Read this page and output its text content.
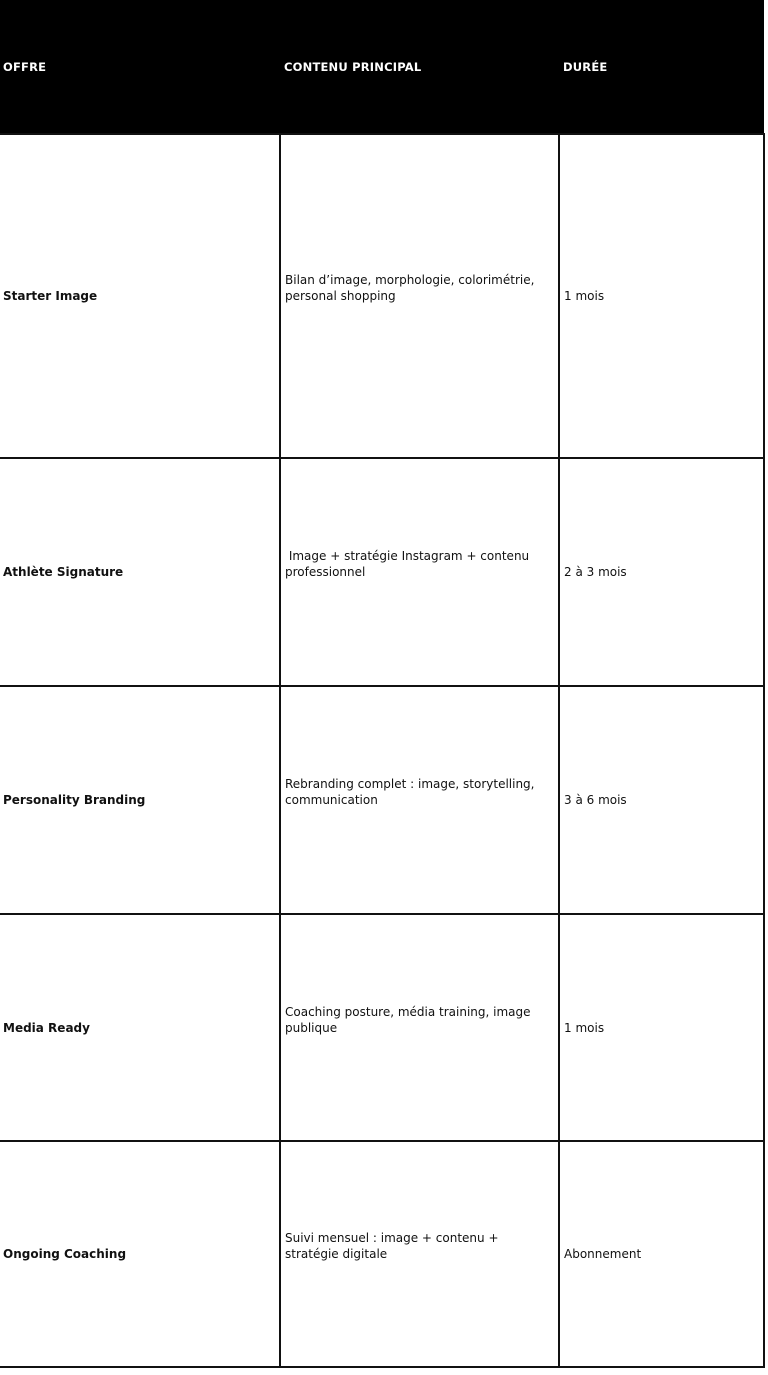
OFFRE	CONTENU PRINCIPAL	DURÉE
Starter Image	Bilan d’image, morphologie, colorimétrie, personal shopping	1 mois
Athlète Signature	Image + stratégie Instagram + contenu professionnel	2 à 3 mois
Personality Branding	Rebranding complet : image, storytelling, communication	3 à 6 mois
Media Ready	Coaching posture, média training, image publique	1 mois
Ongoing Coaching	Suivi mensuel : image + contenu + stratégie digitale	Abonnement
